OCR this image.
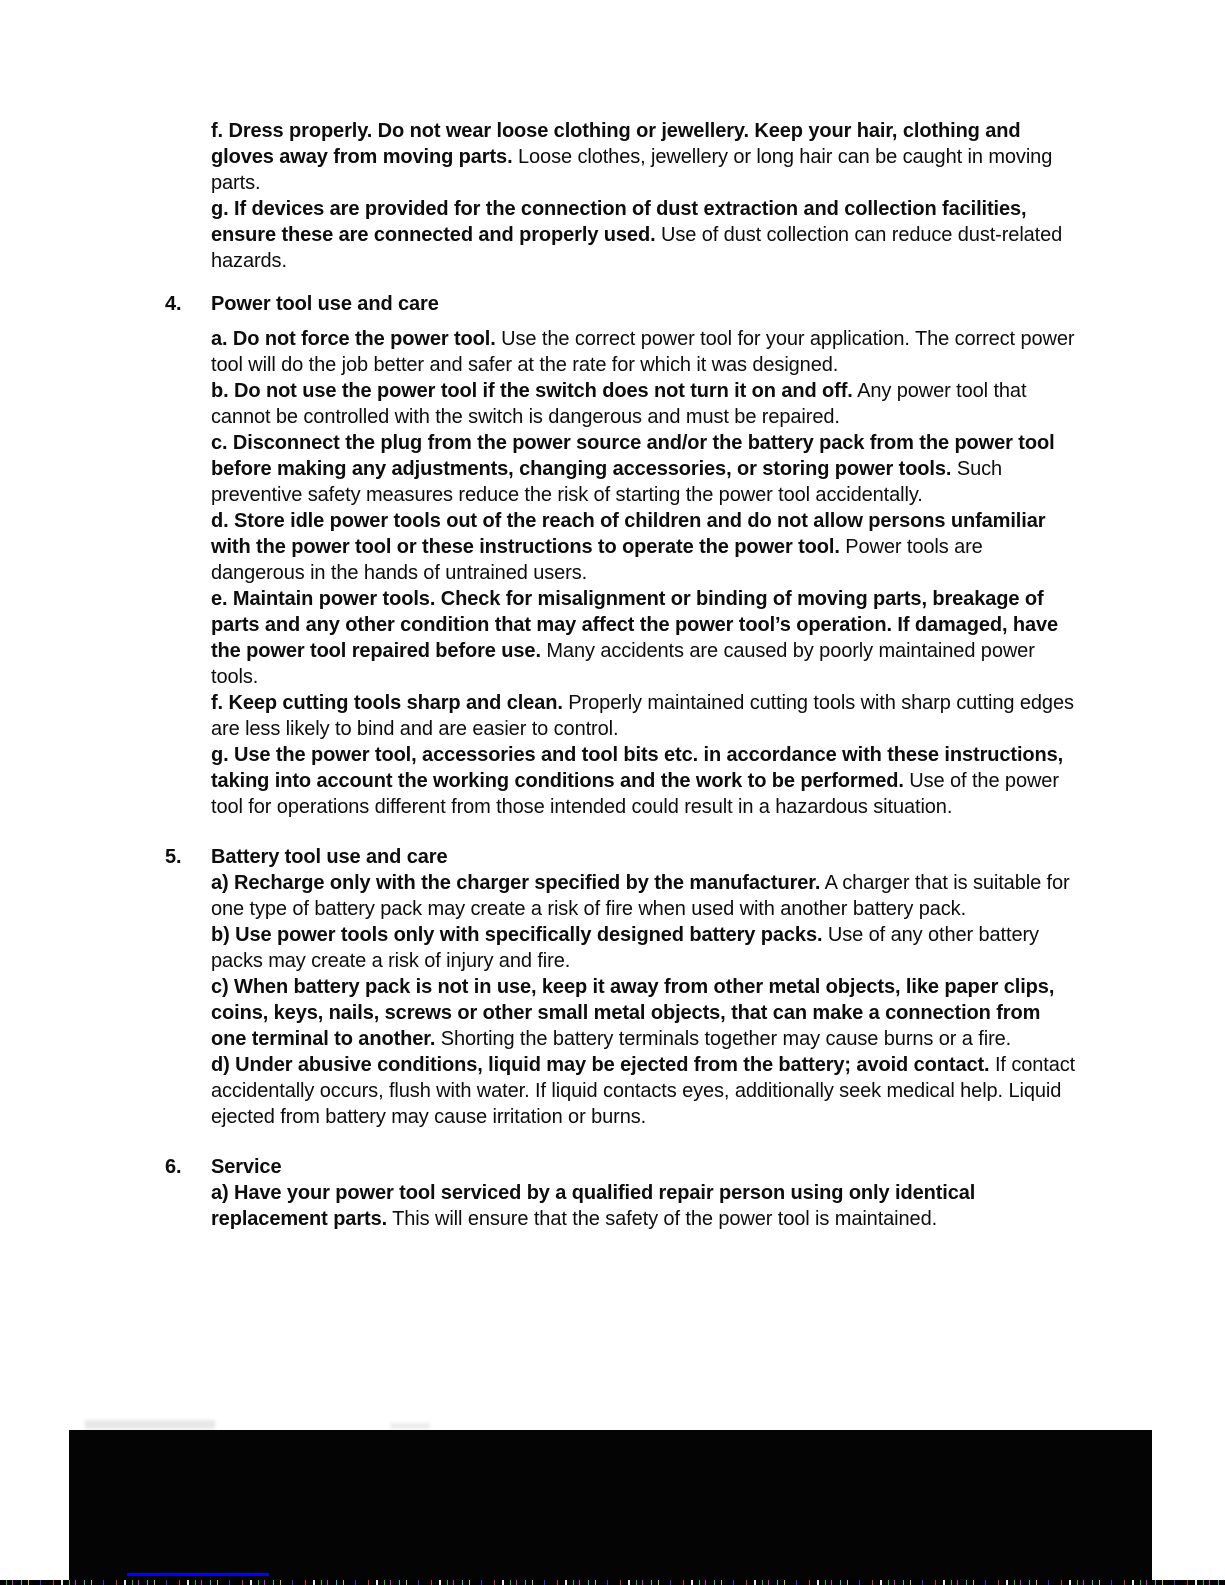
f. Dress properly. Do not wear loose clothing or jewellery. Keep your hair, clothing and gloves away from moving parts. Loose clothes, jewellery or long hair can be caught in moving parts.

g. If devices are provided for the connection of dust extraction and collection facilities, ensure these are connected and properly used. Use of dust collection can reduce dust-related hazards.

4.	Power tool use and care

a. Do not force the power tool. Use the correct power tool for your application. The correct power tool will do the job better and safer at the rate for which it was designed.

b. Do not use the power tool if the switch does not turn it on and off. Any power tool that cannot be controlled with the switch is dangerous and must be repaired.

c. Disconnect the plug from the power source and/or the battery pack from the power tool before making any adjustments, changing accessories, or storing power tools. Such preventive safety measures reduce the risk of starting the power tool accidentally.

d. Store idle power tools out of the reach of children and do not allow persons unfamiliar with the power tool or these instructions to operate the power tool. Power tools are dangerous in the hands of untrained users.

e. Maintain power tools. Check for misalignment or binding of moving parts, breakage of parts and any other condition that may affect the power tool’s operation. If damaged, have the power tool repaired before use. Many accidents are caused by poorly maintained power tools.

f. Keep cutting tools sharp and clean. Properly maintained cutting tools with sharp cutting edges are less likely to bind and are easier to control.

g. Use the power tool, accessories and tool bits etc. in accordance with these instructions, taking into account the working conditions and the work to be performed. Use of the power tool for operations different from those intended could result in a hazardous situation.

5.	Battery tool use and care

a) Recharge only with the charger specified by the manufacturer. A charger that is suitable for one type of battery pack may create a risk of fire when used with another battery pack.

b) Use power tools only with specifically designed battery packs. Use of any other battery packs may create a risk of injury and fire.

c) When battery pack is not in use, keep it away from other metal objects, like paper clips, coins, keys, nails, screws or other small metal objects, that can make a connection from one terminal to another. Shorting the battery terminals together may cause burns or a fire.

d) Under abusive conditions, liquid may be ejected from the battery; avoid contact. If contact accidentally occurs, flush with water. If liquid contacts eyes, additionally seek medical help. Liquid ejected from battery may cause irritation or burns.

6.	Service

a) Have your power tool serviced by a qualified repair person using only identical replacement parts. This will ensure that the safety of the power tool is maintained.
